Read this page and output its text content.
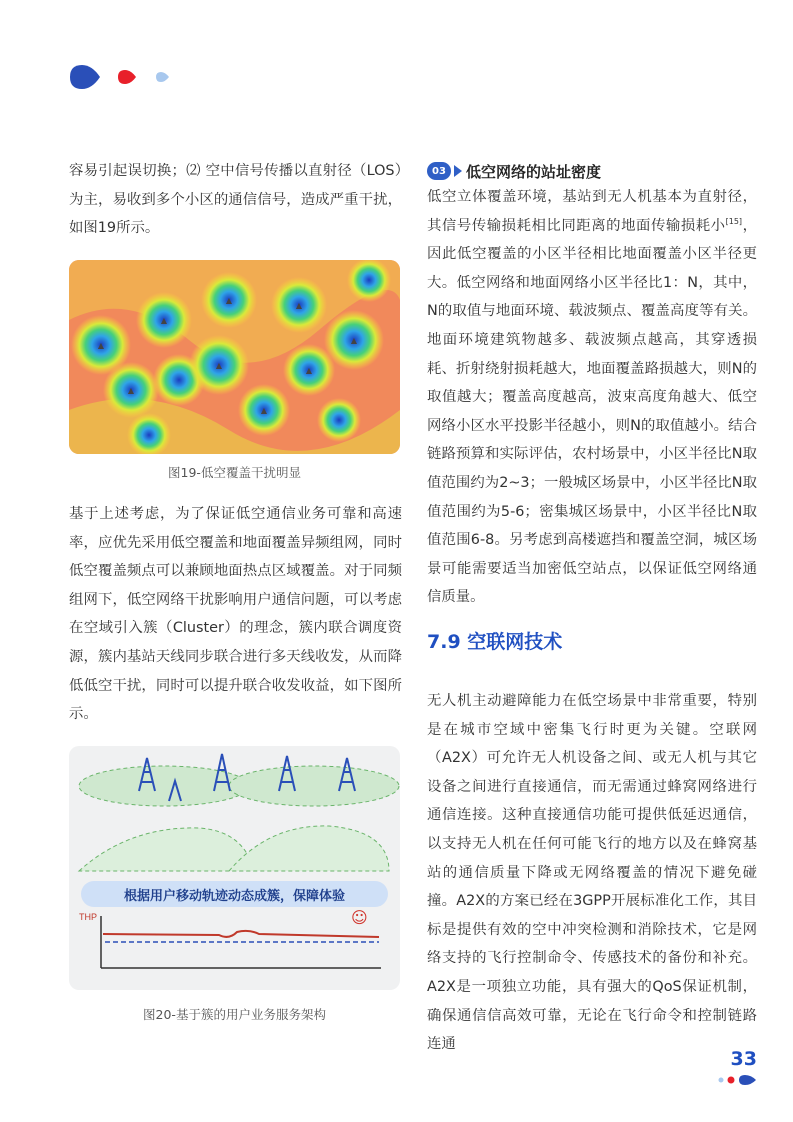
容易引起误切换；⑵ 空中信号传播以直射径（LOS）为主，易收到多个小区的通信信号，造成严重干扰，如图19所示。

▲
▲
▲
▲
▲
▲
▲
▲
▲
图19-低空覆盖干扰明显

基于上述考虑，为了保证低空通信业务可靠和高速率，应优先采用低空覆盖和地面覆盖异频组网，同时低空覆盖频点可以兼顾地面热点区域覆盖。对于同频组网下，低空网络干扰影响用户通信问题，可以考虑在空域引入簇（Cluster）的理念，簇内联合调度资源，簇内基站天线同步联合进行多天线收发，从而降低低空干扰，同时可以提升联合收发收益，如下图所示。

根据用户移动轨迹动态成簇，保障体验
THP	☺
图20-基于簇的用户业务服务架构
03	低空网络的站址密度

低空立体覆盖环境，基站到无人机基本为直射径，其信号传输损耗相比同距离的地面传输损耗小[15]，因此低空覆盖的小区半径相比地面覆盖小区半径更大。低空网络和地面网络小区半径比1：N，其中，N的取值与地面环境、载波频点、覆盖高度等有关。地面环境建筑物越多、载波频点越高，其穿透损耗、折射绕射损耗越大，地面覆盖路损越大，则N的取值越大；覆盖高度越高，波束高度角越大、低空网络小区水平投影半径越小，则N的取值越小。结合链路预算和实际评估，农村场景中，小区半径比N取值范围约为2~3；一般城区场景中，小区半径比N取值范围约为5-6；密集城区场景中，小区半径比N取值范围6-8。另考虑到高楼遮挡和覆盖空洞，城区场景可能需要适当加密低空站点，以保证低空网络通信质量。

7.9 空联网技术

无人机主动避障能力在低空场景中非常重要，特别是在城市空域中密集飞行时更为关键。空联网（A2X）可允许无人机设备之间、或无人机与其它设备之间进行直接通信，而无需通过蜂窝网络进行通信连接。这种直接通信功能可提供低延迟通信，以支持无人机在任何可能飞行的地方以及在蜂窝基站的通信质量下降或无网络覆盖的情况下避免碰撞。A2X的方案已经在3GPP开展标准化工作，其目标是提供有效的空中冲突检测和消除技术，它是网络支持的飞行控制命令、传感技术的备份和补充。A2X是一项独立功能，具有强大的QoS保证机制，确保通信信高效可靠，无论在飞行命令和控制链路连通

33
